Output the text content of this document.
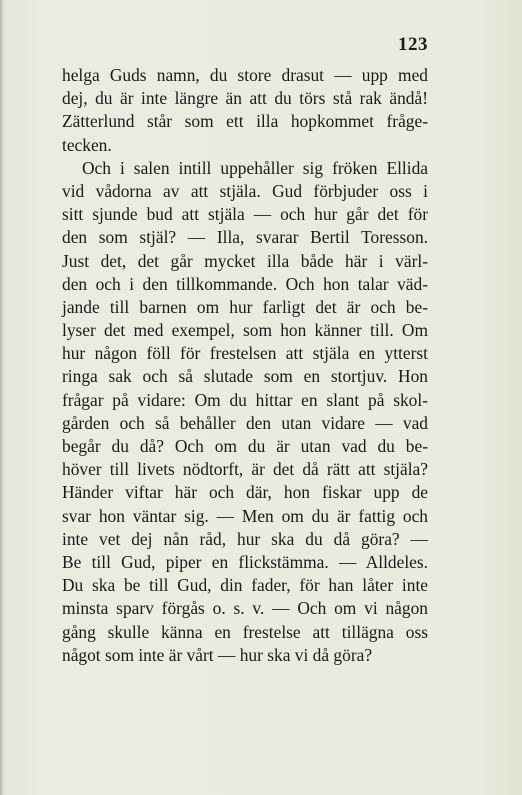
123
helga Guds namn, du store drasut — upp med
dej, du är inte längre än att du törs stå rak ändå!
Zätterlund står som ett illa hopkommet fråge-
tecken.
Och i salen intill uppehåller sig fröken Ellida
vid vådorna av att stjäla. Gud förbjuder oss i
sitt sjunde bud att stjäla — och hur går det för
den som stjäl? — Illa, svarar Bertil Toresson.
Just det, det går mycket illa både här i värl-
den och i den tillkommande. Och hon talar väd-
jande till barnen om hur farligt det är och be-
lyser det med exempel, som hon känner till. Om
hur någon föll för frestelsen att stjäla en ytterst
ringa sak och så slutade som en stortjuv. Hon
frågar på vidare: Om du hittar en slant på skol-
gården och så behåller den utan vidare — vad
begår du då? Och om du är utan vad du be-
höver till livets nödtorft, är det då rätt att stjäla?
Händer viftar här och där, hon fiskar upp de
svar hon väntar sig. — Men om du är fattig och
inte vet dej nån råd, hur ska du då göra? —
Be till Gud, piper en flickstämma. — Alldeles.
Du ska be till Gud, din fader, för han låter inte
minsta sparv förgås o. s. v. — Och om vi någon
gång skulle känna en frestelse att tillägna oss
något som inte är vårt — hur ska vi då göra?
